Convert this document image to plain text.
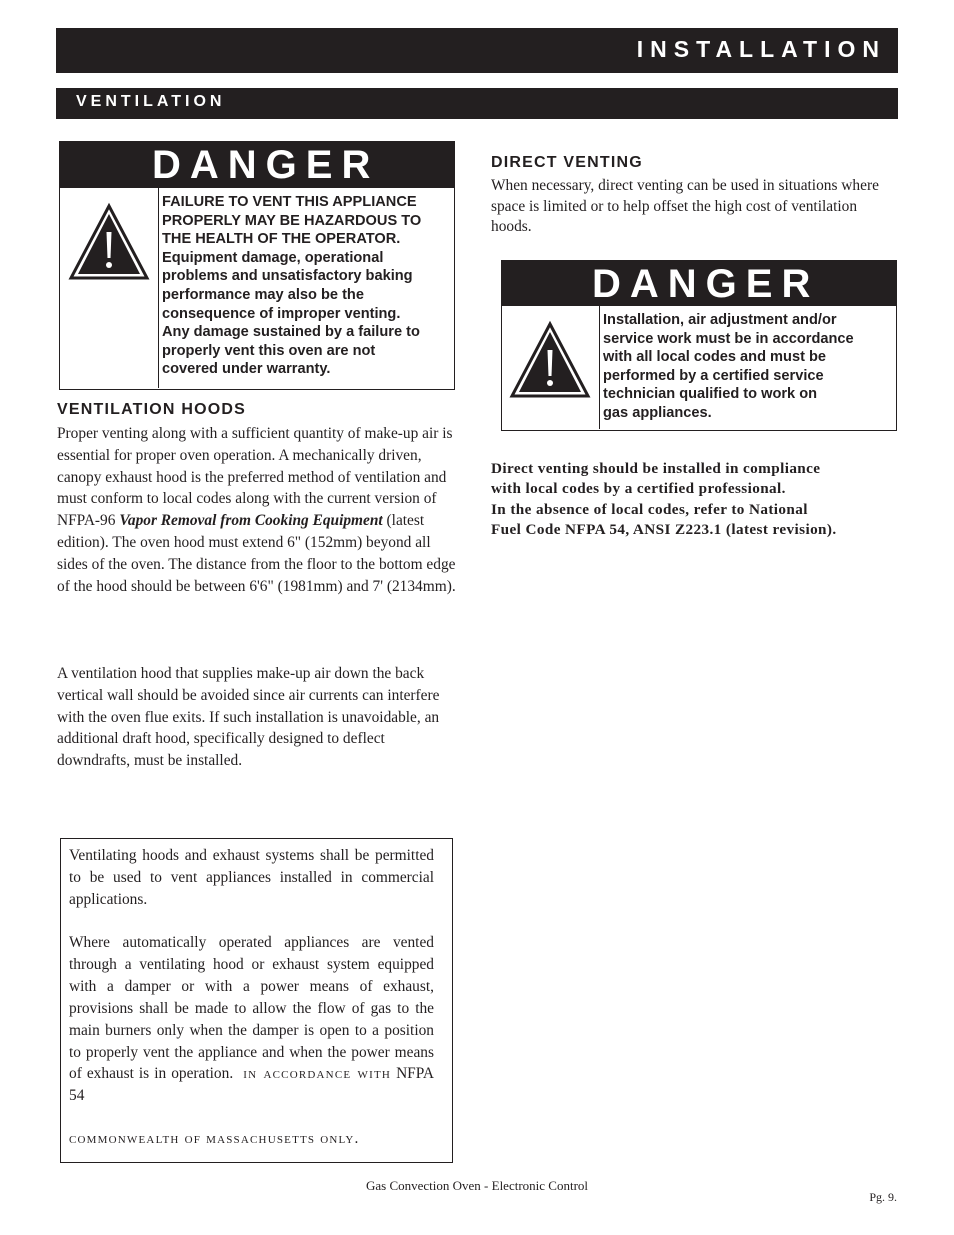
INSTALLATION
VENTILATION
DANGER
FAILURE TO VENT THIS APPLIANCE
PROPERLY MAY BE HAZARDOUS TO
THE HEALTH OF THE OPERATOR.
Equipment damage, operational
problems and unsatisfactory baking
performance may also be the
consequence of improper venting.
Any damage sustained by a failure to
properly vent this oven are not
covered under warranty.
VENTILATION HOODS

Proper venting along with a sufficient quantity of make-up air is essential for proper oven operation. A mechanically driven, canopy exhaust hood is the preferred method of ventilation and must conform to local codes along with the current version of NFPA-96 Vapor Removal from Cooking Equipment (latest edition). The oven hood must extend 6" (152mm) beyond all sides of the oven. The distance from the floor to the bottom edge of the hood should be between 6'6" (1981mm) and 7' (2134mm).

A ventilation hood that supplies make-up air down the back vertical wall should be avoided since air currents can interfere with the oven flue exits. If such installation is unavoidable, an additional draft hood, specifically designed to deflect downdrafts, must be installed.

Ventilating hoods and exhaust systems shall be permitted to be used to vent appliances installed in commercial applications.

Where automatically operated appliances are vented through a ventilating hood or exhaust system equipped with a damper or with a power means of exhaust, provisions shall be made to allow the flow of gas to the main burners only when the damper is open to a position to properly vent the appliance and when the power means of exhaust is in operation. in accordance with NFPA 54

commonwealth of massachusetts only.

DIRECT VENTING

When necessary, direct venting can be used in situations where space is limited or to help offset the high cost of ventilation hoods.

DANGER
Installation, air adjustment and/or
service work must be in accordance
with all local codes and must be
performed by a certified service
technician qualified to work on
gas appliances.
Direct venting should be installed in compliance
with local codes by a certified professional.
In the absence of local codes, refer to National
Fuel Code NFPA 54, ANSI Z223.1 (latest revision).
Gas Convection Oven - Electronic Control
Pg. 9.
